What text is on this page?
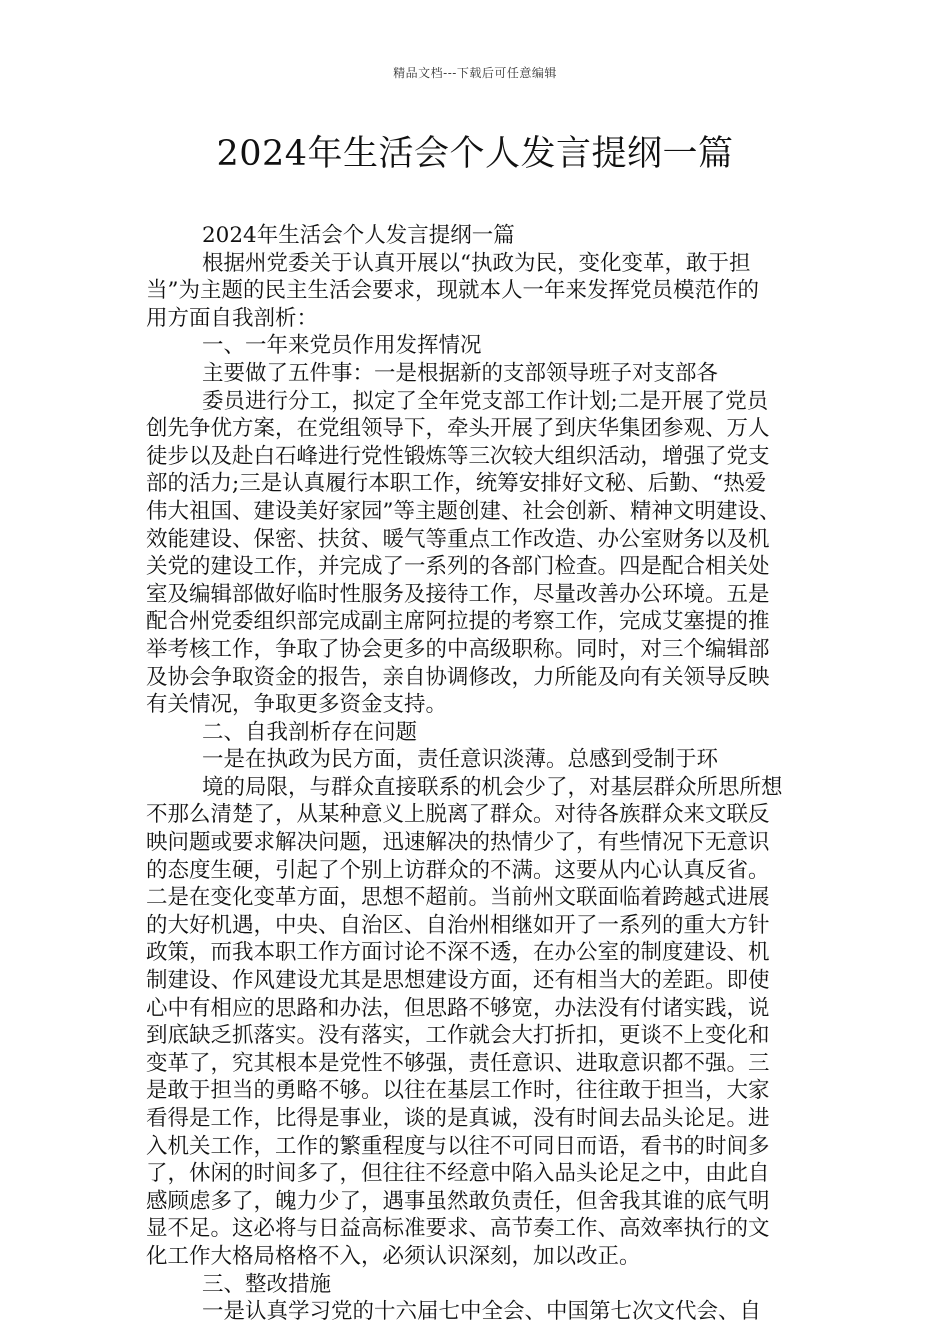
精品文档---下载后可任意编辑
2024年生活会个人发言提纲一篇

2024年生活会个人发言提纲一篇

根据州党委关于认真开展以“执政为民，变化变革，敢于担

当”为主题的民主生活会要求，现就本人一年来发挥党员模范作的

用方面自我剖析：

一、一年来党员作用发挥情况

主要做了五件事：一是根据新的支部领导班子对支部各

委员进行分工，拟定了全年党支部工作计划;二是开展了党员

创先争优方案，在党组领导下，牵头开展了到庆华集团参观、万人

徒步以及赴白石峰进行党性锻炼等三次较大组织活动，增强了党支

部的活力;三是认真履行本职工作，统筹安排好文秘、后勤、“热爱

伟大祖国、建设美好家园”等主题创建、社会创新、精神文明建设、

效能建设、保密、扶贫、暖气等重点工作改造、办公室财务以及机

关党的建设工作，并完成了一系列的各部门检查。四是配合相关处

室及编辑部做好临时性服务及接待工作，尽量改善办公环境。五是

配合州党委组织部完成副主席阿拉提的考察工作，完成艾塞提的推

举考核工作，争取了协会更多的中高级职称。同时，对三个编辑部

及协会争取资金的报告，亲自协调修改，力所能及向有关领导反映

有关情况，争取更多资金支持。

二、自我剖析存在问题

一是在执政为民方面，责任意识淡薄。总感到受制于环

境的局限，与群众直接联系的机会少了，对基层群众所思所想

不那么清楚了，从某种意义上脱离了群众。对待各族群众来文联反

映问题或要求解决问题，迅速解决的热情少了，有些情况下无意识

的态度生硬，引起了个别上访群众的不满。这要从内心认真反省。

二是在变化变革方面，思想不超前。当前州文联面临着跨越式进展

的大好机遇，中央、自治区、自治州相继如开了一系列的重大方针

政策，而我本职工作方面讨论不深不透，在办公室的制度建设、机

制建设、作风建设尤其是思想建设方面，还有相当大的差距。即使

心中有相应的思路和办法，但思路不够宽，办法没有付诸实践，说

到底缺乏抓落实。没有落实，工作就会大打折扣，更谈不上变化和

变革了，究其根本是党性不够强，责任意识、进取意识都不强。三

是敢于担当的勇略不够。以往在基层工作时，往往敢于担当，大家

看得是工作，比得是事业，谈的是真诚，没有时间去品头论足。进

入机关工作，工作的繁重程度与以往不可同日而语，看书的时间多

了，休闲的时间多了，但往往不经意中陷入品头论足之中，由此自

感顾虑多了，魄力少了，遇事虽然敢负责任，但舍我其谁的底气明

显不足。这必将与日益高标准要求、高节奏工作、高效率执行的文

化工作大格局格格不入，必须认识深刻，加以改正。

三、整改措施

一是认真学习党的十六届七中全会、中国第七次文代会、自
